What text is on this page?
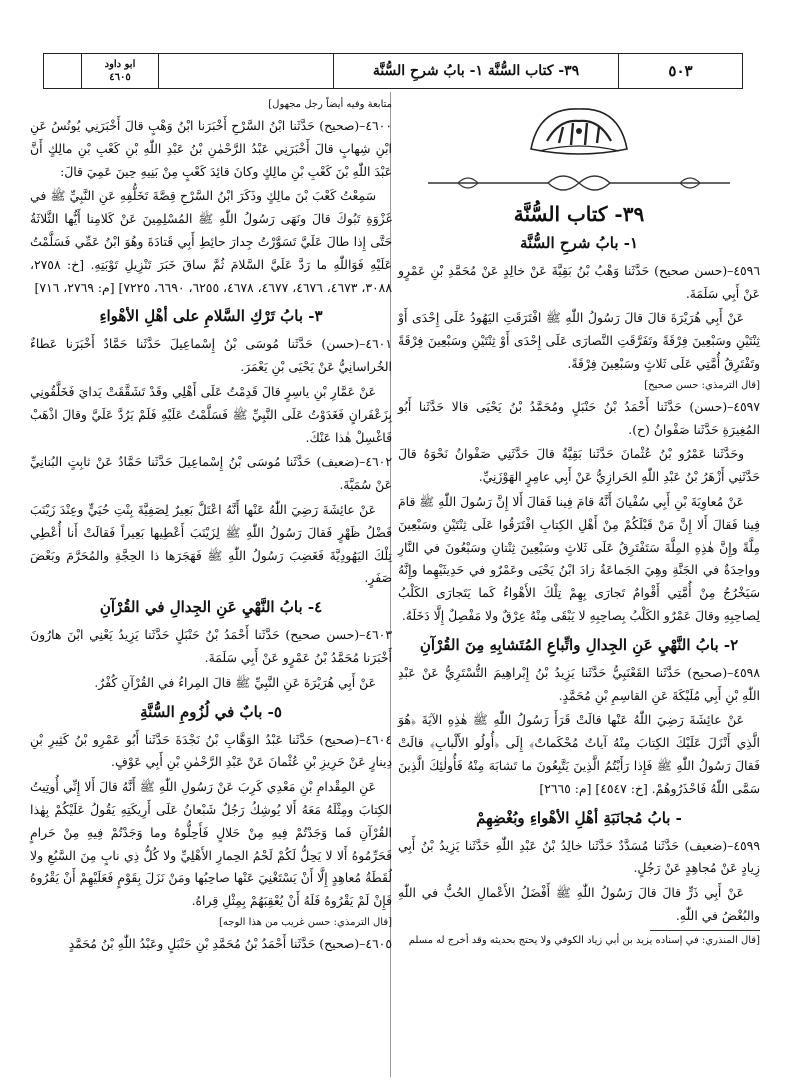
ابو داود
٤٦٠٥	٣٩- كتاب السُّنَّة ١- بابُ شرحِ السُّنَّة	٥٠٣
٣٩- كتاب السُّنَّة
١- بابُ شرحِ السُّنَّة

٤٥٩٦–(حسن صحيح) حَدَّثَنا وَهْبُ بْنُ بَقِيَّةَ عَنْ خالِدٍ عَنْ مُحَمَّدِ بْنِ عَمْرٍو عَنْ أَبِي سَلَمَةَ.

عَنْ أَبِي هُرَيْرَةَ قالَ قالَ رَسُولُ اللّٰهِ ﷺ افْتَرَقَتِ اليَهُودُ عَلَى إِحْدَى أَوْ ثِنْتَيْنِ وسَبْعِينَ فِرْقَةً وتَفَرَّقَتِ النَّصارَى عَلَى إِحْدَى أَوْ ثِنْتَيْنِ وسَبْعِينَ فِرْقَةً وتَفْتَرِقُ أُمَّتِي عَلَى ثَلاثٍ وسَبْعِينَ فِرْقَةً.

[قال الترمذي: حسن صحيح]

٤٥٩٧–(حسن) حَدَّثَنا أَحْمَدُ بْنُ حَنْبَلٍ ومُحَمَّدُ بْنُ يَحْيَى قالا حَدَّثَنا أَبُو المُغِيرَةِ حَدَّثَنا صَفْوانُ (ح).

وحَدَّثَنا عَمْرُو بْنُ عُثْمانَ حَدَّثَنا بَقِيَّةُ قالَ حَدَّثَنِي صَفْوانُ نَحْوَهُ قالَ حَدَّثَنِي أَزْهَرُ بْنُ عَبْدِ اللّٰهِ الحَرازِيُّ عَنْ أَبِي عامِرٍ الهَوْزَنِيِّ.

عَنْ مُعاوِيَةَ بْنِ أَبِي سُفْيانَ أَنَّهُ قامَ فِينا فَقالَ أَلا إِنَّ رَسُولَ اللّٰهِ ﷺ قامَ فِينا فَقالَ أَلا إِنَّ مَنْ قَبْلَكُمْ مِنْ أَهْلِ الكِتابِ افْتَرَقُوا عَلَى ثِنْتَيْنِ وسَبْعِينَ مِلَّةً وإِنَّ هٰذِهِ المِلَّةَ سَتَفْتَرِقُ عَلَى ثَلاثٍ وسَبْعِينَ ثِنْتانِ وسَبْعُونَ في النَّارِ وواحِدَةٌ في الجَنَّةِ وهِيَ الجَماعَةُ زادَ ابْنُ يَحْيَى وعَمْرٌو في حَدِيثَيْهِما وإِنَّهُ سَيَخْرُجُ مِنْ أُمَّتِي أَقْوامٌ تَجارَى بِهِمْ تِلْكَ الأَهْواءُ كَما يَتَجارَى الكَلْبُ لِصاحِبِهِ وقالَ عَمْرٌو الكَلْبُ بِصاحِبِهِ لا يَبْقَى مِنْهُ عِرْقٌ ولا مَفْصِلٌ إِلَّا دَخَلَهُ.

٢- بابُ النَّهْيِ عَنِ الجِدالِ واتِّباعِ المُتَشابِهِ مِنَ القُرْآنِ

٤٥٩٨–(صحيح) حَدَّثَنا القَعْنَبِيُّ حَدَّثَنا يَزِيدُ بْنُ إِبْراهِيمَ التُّسْتَرِيُّ عَنْ عَبْدِ اللّٰهِ بْنِ أَبِي مُلَيْكَةَ عَنِ القاسِمِ بْنِ مُحَمَّدٍ.

عَنْ عائِشَةَ رَضِيَ اللّٰهُ عَنْها قالَتْ قَرَأَ رَسُولُ اللّٰهِ ﷺ هٰذِهِ الآيَةَ ﴿هُوَ الَّذِي أَنْزَلَ عَلَيْكَ الكِتابَ مِنْهُ آياتٌ مُحْكَماتٌ﴾ إِلَى ﴿أُولُو الأَلْبابِ﴾ قالَتْ فَقالَ رَسُولُ اللّٰهِ ﷺ فَإِذا رَأَيْتُمُ الَّذِينَ يَتَّبِعُونَ ما تَشابَهَ مِنْهُ فَأُولٰئِكَ الَّذِينَ سَمَّى اللّٰهُ فَاحْذَرُوهُمْ. [خ: ٤٥٤٧] [م: ٢٦٦٥]

- بابُ مُجانَبَةِ أهْلِ الأهْواءِ وبُغْضِهِمْ

٤٥٩٩–(ضعيف) حَدَّثَنا مُسَدَّدٌ حَدَّثَنا خالِدُ بْنُ عَبْدِ اللّٰهِ حَدَّثَنا يَزِيدُ بْنُ أَبِي زِيادٍ عَنْ مُجاهِدٍ عَنْ رَجُلٍ.

عَنْ أَبِي ذَرٍّ قالَ قالَ رَسُولُ اللّٰهِ ﷺ أَفْضَلُ الأَعْمالِ الحُبُّ في اللّٰهِ والبُغْضُ في اللّٰهِ.

[قال المنذري: في إسناده يزيد بن أبي زياد الكوفي ولا يحتج بحديثه وقد أخرج له مسلم

متابعة وفيه أيضاً رجل مجهول]

٤٦٠٠–(صحيح) حَدَّثَنا ابْنُ السَّرْحِ أَخْبَرَنا ابْنُ وَهْبٍ قالَ أَخْبَرَنِي يُونُسُ عَنِ ابْنِ شِهابٍ قالَ أَخْبَرَنِي عَبْدُ الرَّحْمٰنِ بْنُ عَبْدِ اللّٰهِ بْنِ كَعْبِ بْنِ مالِكٍ أَنَّ عَبْدَ اللّٰهِ بْنَ كَعْبِ بْنِ مالِكٍ وكانَ قائِدَ كَعْبٍ مِنْ بَنِيهِ حِينَ عَمِيَ قالَ:

سَمِعْتُ كَعْبَ بْنَ مالِكٍ وذَكَرَ ابْنُ السَّرْحِ قِصَّةَ تَخَلُّفِهِ عَنِ النَّبِيِّ ﷺ في غَزْوَةِ تَبُوكَ قالَ ونَهَى رَسُولُ اللّٰهِ ﷺ المُسْلِمِينَ عَنْ كَلامِنا أَيُّها الثَّلاثَةُ حَتَّى إِذا طالَ عَلَيَّ تَسَوَّرْتُ جِدارَ حائِطِ أَبِي قَتادَةَ وهُوَ ابْنُ عَمِّي فَسَلَّمْتُ عَلَيْهِ فَوَاللّٰهِ ما رَدَّ عَلَيَّ السَّلامَ ثُمَّ ساقَ خَبَرَ تَنْزِيلِ تَوْبَتِهِ. [خ: ٢٧٥٨، ٣٠٨٨، ٤٦٧٣، ٤٦٧٦، ٤٦٧٧، ٤٦٧٨، ٦٢٥٥، ٦٦٩٠، ٧٢٢٥] [م: ٢٧٦٩، ٧١٦]

٣- بابُ تَرْكِ السَّلامِ على أهْلِ الأهْواءِ

٤٦٠١–(حسن) حَدَّثَنا مُوسَى بْنُ إِسْماعِيلَ حَدَّثَنا حَمَّادٌ أَخْبَرَنا عَطاءٌ الخُراسانِيُّ عَنْ يَحْيَى بْنِ يَعْمَرَ.

عَنْ عَمَّارِ بْنِ ياسِرٍ قالَ قَدِمْتُ عَلَى أَهْلِي وقَدْ تَشَقَّقَتْ يَدايَ فَخَلَّقُونِي بِزَعْفَرانٍ فَغَدَوْتُ عَلَى النَّبِيِّ ﷺ فَسَلَّمْتُ عَلَيْهِ فَلَمْ يَرُدَّ عَلَيَّ وقالَ اذْهَبْ فَاغْسِلْ هٰذا عَنْكَ.

٤٦٠٢–(ضعيف) حَدَّثَنا مُوسَى بْنُ إِسْماعِيلَ حَدَّثَنا حَمَّادٌ عَنْ ثابِتٍ البُنانِيِّ عَنْ سُمَيَّةَ.

عَنْ عائِشَةَ رَضِيَ اللّٰهُ عَنْها أَنَّهُ اعْتَلَّ بَعِيرٌ لِصَفِيَّةَ بِنْتِ حُيَيٍّ وعِنْدَ زَيْنَبَ فَضْلُ ظَهْرٍ فَقالَ رَسُولُ اللّٰهِ ﷺ لِزَيْنَبَ أَعْطِيها بَعِيراً فَقالَتْ أَنا أُعْطِي تِلْكَ اليَهُودِيَّةَ فَغَضِبَ رَسُولُ اللّٰهِ ﷺ فَهَجَرَها ذا الحِجَّةِ والمُحَرَّمَ وبَعْضَ صَفَرٍ.

٤- بابُ النَّهْيِ عَنِ الجِدالِ في القُرْآنِ

٤٦٠٣–(حسن صحيح) حَدَّثَنا أَحْمَدُ بْنُ حَنْبَلٍ حَدَّثَنا يَزِيدُ يَعْنِي ابْنَ هارُونَ أَخْبَرَنا مُحَمَّدُ بْنُ عَمْرٍو عَنْ أَبِي سَلَمَةَ.

عَنْ أَبِي هُرَيْرَةَ عَنِ النَّبِيِّ ﷺ قالَ المِراءُ في القُرْآنِ كُفْرٌ.

٥- بابٌ في لُزُومِ السُّنَّةِ

٤٦٠٤–(صحيح) حَدَّثَنا عَبْدُ الوَهَّابِ بْنُ نَجْدَةَ حَدَّثَنا أَبُو عَمْرِو بْنُ كَثِيرِ بْنِ دِينارٍ عَنْ حَرِيزِ بْنِ عُثْمانَ عَنْ عَبْدِ الرَّحْمٰنِ بْنِ أَبِي عَوْفٍ.

عَنِ المِقْدامِ بْنِ مَعْدِي كَرِبَ عَنْ رَسُولِ اللّٰهِ ﷺ أَنَّهُ قالَ أَلا إِنِّي أُوتِيتُ الكِتابَ ومِثْلَهُ مَعَهُ أَلا يُوشِكُ رَجُلٌ شَبْعانُ عَلَى أَرِيكَتِهِ يَقُولُ عَلَيْكُمْ بِهٰذا القُرْآنِ فَما وَجَدْتُمْ فِيهِ مِنْ حَلالٍ فَأَحِلُّوهُ وما وَجَدْتُمْ فِيهِ مِنْ حَرامٍ فَحَرِّمُوهُ أَلا لا يَحِلُّ لَكُمْ لَحْمُ الحِمارِ الأَهْلِيِّ ولا كُلُّ ذِي نابٍ مِنَ السَّبُعِ ولا لُقَطَةُ مُعاهِدٍ إِلَّا أَنْ يَسْتَغْنِيَ عَنْها صاحِبُها ومَنْ نَزَلَ بِقَوْمٍ فَعَلَيْهِمْ أَنْ يَقْرُوهُ فَإِنْ لَمْ يَقْرُوهُ فَلَهُ أَنْ يُعْقِبَهُمْ بِمِثْلِ قِراهُ.

[قال الترمذي: حسن غريب من هذا الوجه]

٤٦٠٥–(صحيح) حَدَّثَنا أَحْمَدُ بْنُ مُحَمَّدِ بْنِ حَنْبَلٍ وعَبْدُ اللّٰهِ بْنُ مُحَمَّدٍ
